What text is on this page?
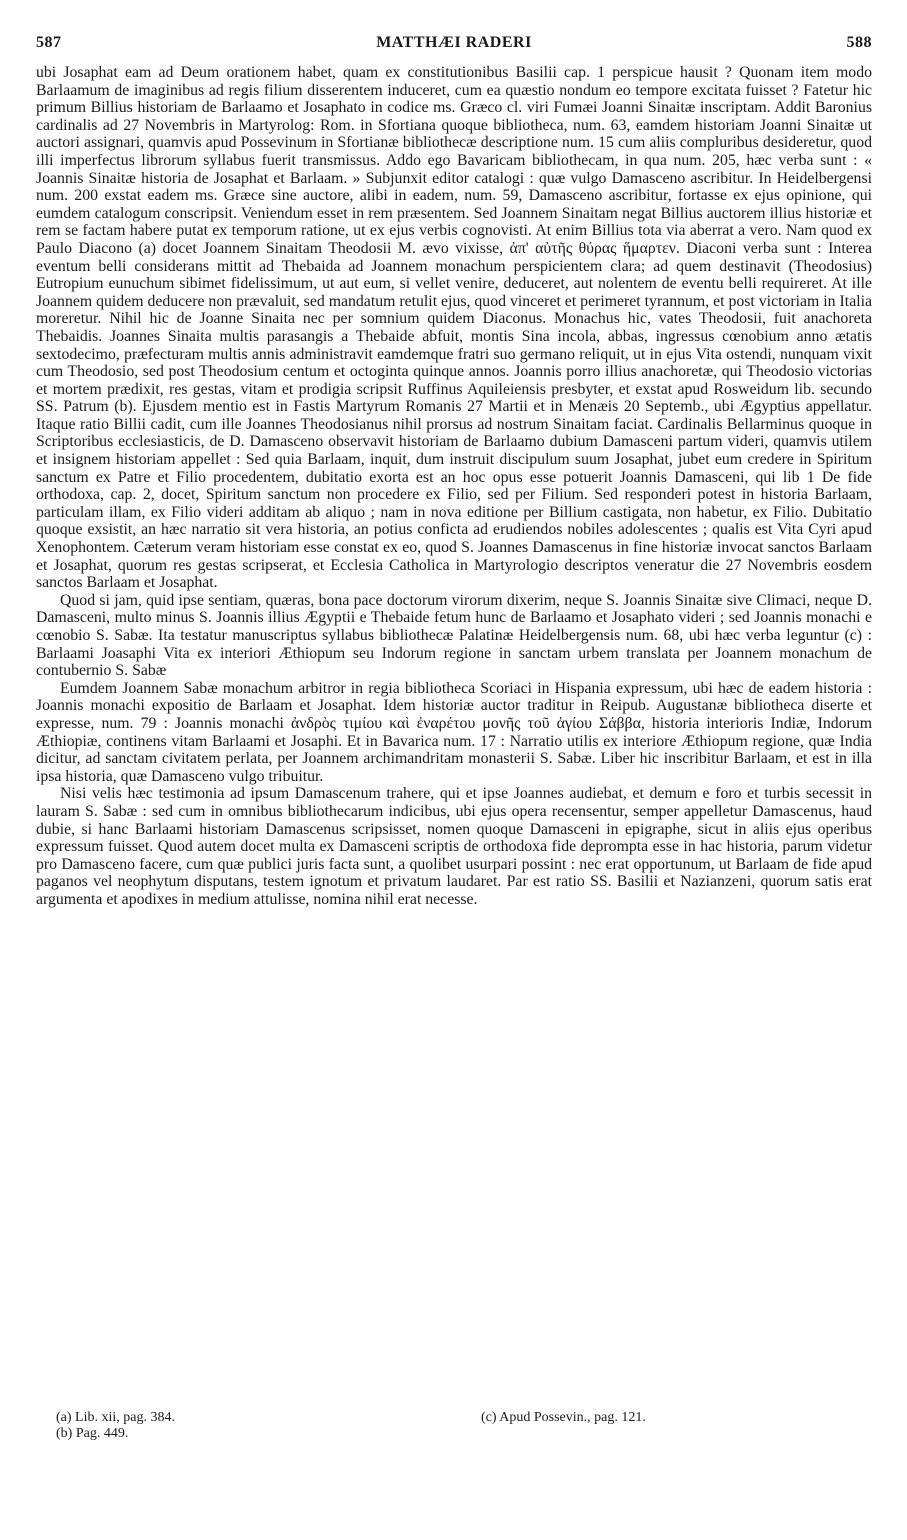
587	MATTHÆI RADERI	588

ubi Josaphat eam ad Deum orationem habet, quam ex constitutionibus Basilii cap. 1 perspicue hausit ? Quonam item modo Barlaamum de imaginibus ad regis filium disserentem induceret, cum ea quæstio nondum eo tempore excitata fuisset ? Fatetur hic primum Billius historiam de Barlaamo et Josaphato in codice ms. Græco cl. viri Fumæi Joanni Sinaitæ inscriptam. Addit Baronius cardinalis ad 27 Novembris in Martyrolog: Rom. in Sfortiana quoque bibliotheca, num. 63, eamdem historiam Joanni Sinaitæ ut auctori assignari, quamvis apud Possevinum in Sfortianæ bibliothecæ descriptione num. 15 cum aliis compluribus desideretur, quod illi imperfectus librorum syllabus fuerit transmissus. Addo ego Bavaricam bibliothecam, in qua num. 205, hæc verba sunt : « Joannis Sinaitæ historia de Josaphat et Barlaam. » Subjunxit editor catalogi : quæ vulgo Damasceno ascribitur. In Heidelbergensi num. 200 exstat eadem ms. Græce sine auctore, alibi in eadem, num. 59, Damasceno ascribitur, fortasse ex ejus opinione, qui eumdem catalogum conscripsit. Veniendum esset in rem præsentem. Sed Joannem Sinaitam negat Billius auctorem illius historiæ et rem se factam habere putat ex temporum ratione, ut ex ejus verbis cognovisti. At enim Billius tota via aberrat a vero. Nam quod ex Paulo Diacono (a) docet Joannem Sinaitam Theodosii M. ævo vixisse, ἀπ' αὐτῆς θύρας ἥμαρτεν. Diaconi verba sunt : Interea eventum belli considerans mittit ad Thebaida ad Joannem monachum perspicientem clara; ad quem destinavit (Theodosius) Eutropium eunuchum sibimet fidelissimum, ut aut eum, si vellet venire, deduceret, aut nolentem de eventu belli requireret. At ille Joannem quidem deducere non prævaluit, sed mandatum retulit ejus, quod vinceret et perimeret tyrannum, et post victoriam in Italia moreretur. Nihil hic de Joanne Sinaita nec per somnium quidem Diaconus. Monachus hic, vates Theodosii, fuit anachoreta Thebaidis. Joannes Sinaita multis parasangis a Thebaide abfuit, montis Sina incola, abbas, ingressus cœnobium anno ætatis sextodecimo, præfecturam multis annis administravit eamdemque fratri suo germano reliquit, ut in ejus Vita ostendi, nunquam vixit cum Theodosio, sed post Theodosium centum et octoginta quinque annos. Joannis porro illius anachoretæ, qui Theodosio victorias et mortem prædixit, res gestas, vitam et prodigia scripsit Ruffinus Aquileiensis presbyter, et exstat apud Rosweidum lib. secundo SS. Patrum (b). Ejusdem mentio est in Fastis Martyrum Romanis 27 Martii et in Menæis 20 Septemb., ubi Ægyptius appellatur. Itaque ratio Billii cadit, cum ille Joannes Theodosianus nihil prorsus ad nostrum Sinaitam faciat. Cardinalis Bellarminus quoque in Scriptoribus ecclesiasticis, de D. Damasceno observavit historiam de Barlaamo dubium Damasceni partum videri, quamvis utilem et insignem historiam appellet : Sed quia Barlaam, inquit, dum instruit discipulum suum Josaphat, jubet eum credere in Spiritum sanctum ex Patre et Filio procedentem, dubitatio exorta est an hoc opus esse potuerit Joannis Damasceni, qui lib 1 De fide orthodoxa, cap. 2, docet, Spiritum sanctum non procedere ex Filio, sed per Filium. Sed responderi potest in historia Barlaam, particulam illam, ex Filio videri additam ab aliquo ; nam in nova editione per Billium castigata, non habetur, ex Filio. Dubitatio quoque exsistit, an hæc narratio sit vera historia, an potius conficta ad erudiendos nobiles adolescentes ; qualis est Vita Cyri apud Xenophontem. Cæterum veram historiam esse constat ex eo, quod S. Joannes Damascenus in fine historiæ invocat sanctos Barlaam et Josaphat, quorum res gestas scripserat, et Ecclesia Catholica in Martyrologio descriptos veneratur die 27 Novembris eosdem sanctos Barlaam et Josaphat.

Quod si jam, quid ipse sentiam, quæras, bona pace doctorum virorum dixerim, neque S. Joannis Sinaitæ sive Climaci, neque D. Damasceni, multo minus S. Joannis illius Ægyptii e Thebaide fetum hunc de Barlaamo et Josaphato videri ; sed Joannis monachi e cœnobio S. Sabæ. Ita testatur manuscriptus syllabus bibliothecæ Palatinæ Heidelbergensis num. 68, ubi hæc verba leguntur (c) : Barlaami Joasaphi Vita ex interiori Æthiopum seu Indorum regione in sanctam urbem translata per Joannem monachum de contubernio S. Sabæ

Eumdem Joannem Sabæ monachum arbitror in regia bibliotheca Scoriaci in Hispania expressum, ubi hæc de eadem historia : Joannis monachi expositio de Barlaam et Josaphat. Idem historiæ auctor traditur in Reipub. Augustanæ bibliotheca diserte et expresse, num. 79 : Joannis monachi ἀνδρὸς τιμίου καὶ ἐναρέτου μονῆς τοῦ ἁγίου Σάββα, historia interioris Indiæ, Indorum Æthiopiæ, continens vitam Barlaami et Josaphi. Et in Bavarica num. 17 : Narratio utilis ex interiore Æthiopum regione, quæ India dicitur, ad sanctam civitatem perlata, per Joannem archimandritam monasterii S. Sabæ. Liber hic inscribitur Barlaam, et est in illa ipsa historia, quæ Damasceno vulgo tribuitur.

Nisi velis hæc testimonia ad ipsum Damascenum trahere, qui et ipse Joannes audiebat, et demum e foro et turbis secessit in lauram S. Sabæ : sed cum in omnibus bibliothecarum indicibus, ubi ejus opera recensentur, semper appelletur Damascenus, haud dubie, si hanc Barlaami historiam Damascenus scripsisset, nomen quoque Damasceni in epigraphe, sicut in aliis ejus operibus expressum fuisset. Quod autem docet multa ex Damasceni scriptis de orthodoxa fide deprompta esse in hac historia, parum videtur pro Damasceno facere, cum quæ publici juris facta sunt, a quolibet usurpari possint : nec erat opportunum, ut Barlaam de fide apud paganos vel neophytum disputans, testem ignotum et privatum laudaret. Par est ratio SS. Basilii et Nazianzeni, quorum satis erat argumenta et apodixes in medium attulisse, nomina nihil erat necesse.

(a) Lib. xii, pag. 384.
(b) Pag. 449.
(c) Apud Possevin., pag. 121.
